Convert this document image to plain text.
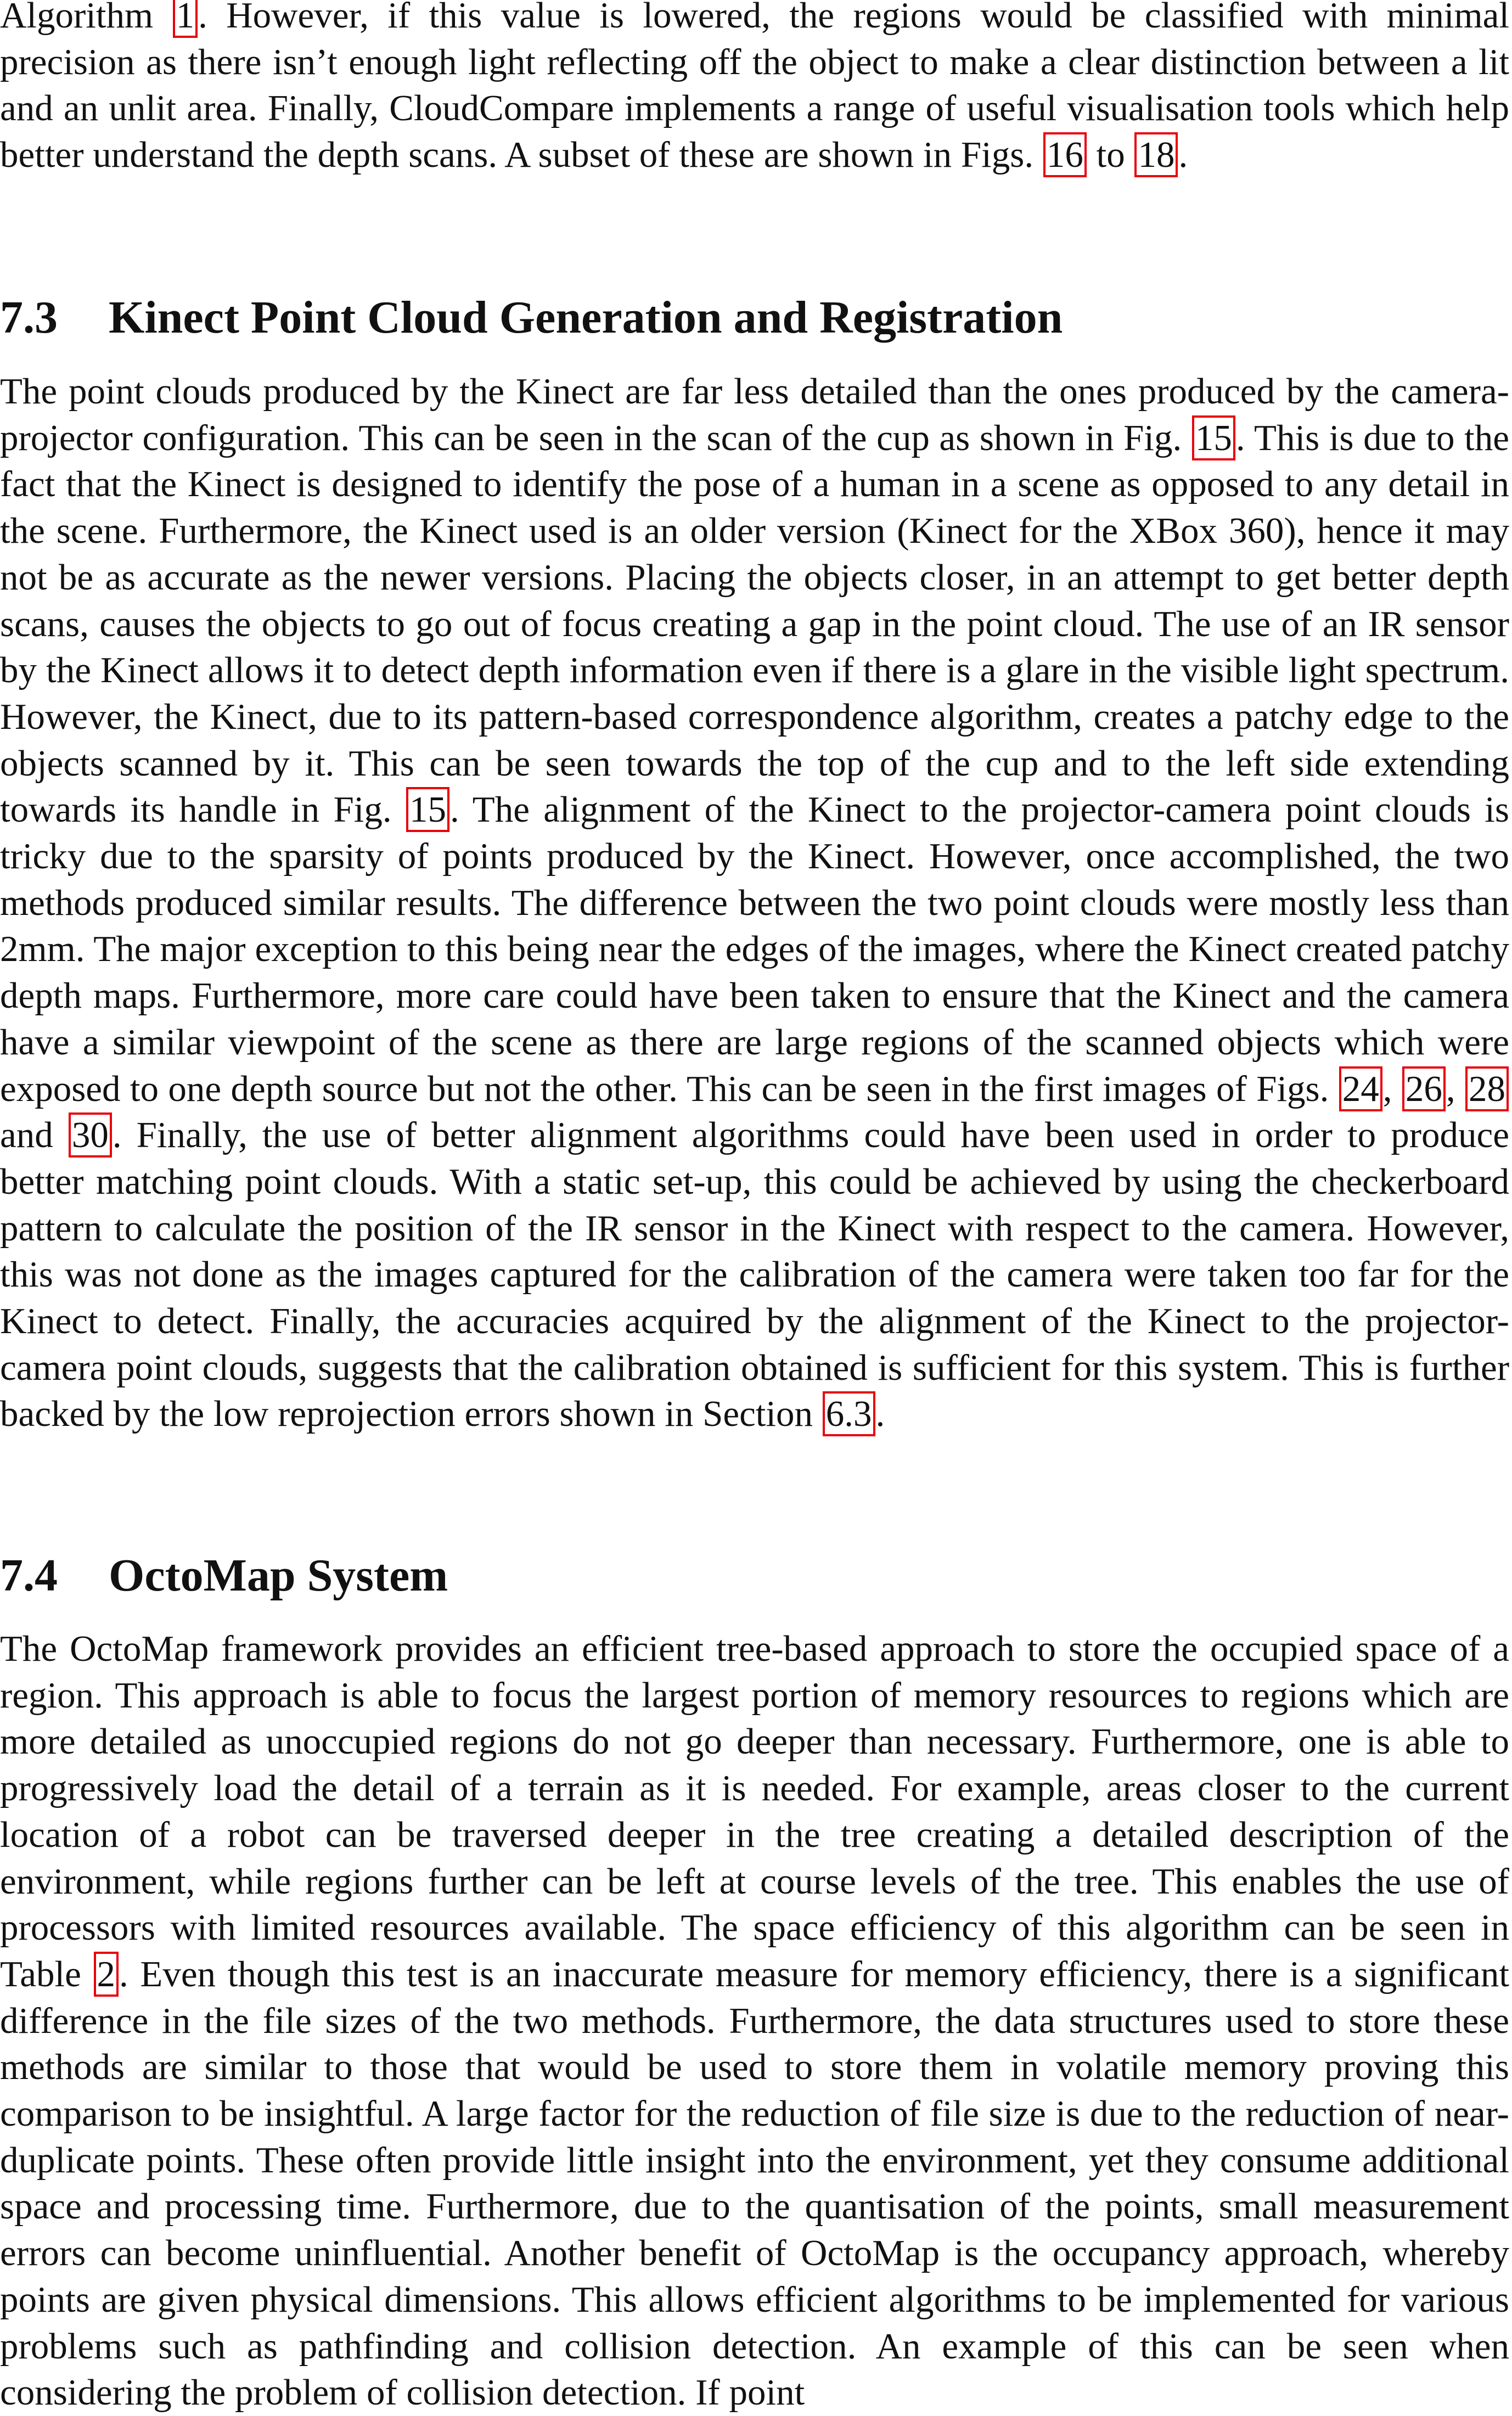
Algorithm 1 . However, if this value is lowered, the regions would be classified with minimal precision as there isn’t enough light reflecting off the object to make a clear distinction between a lit and an unlit area. Finally, CloudCompare implements a range of useful visualisation tools which help better understand the depth scans. A subset of these are shown in Figs. 16 to 18 .

7.3 Kinect Point Cloud Generation and Registration

The point clouds produced by the Kinect are far less detailed than the ones produced by the camera-projector configuration. This can be seen in the scan of the cup as shown in Fig. 15 . This is due to the fact that the Kinect is designed to identify the pose of a human in a scene as opposed to any detail in the scene. Furthermore, the Kinect used is an older version (Kinect for the XBox 360), hence it may not be as accurate as the newer versions. Placing the objects closer, in an attempt to get better depth scans, causes the objects to go out of focus creating a gap in the point cloud. The use of an IR sensor by the Kinect allows it to detect depth information even if there is a glare in the visible light spectrum. However, the Kinect, due to its pattern-based correspondence algorithm, creates a patchy edge to the objects scanned by it. This can be seen towards the top of the cup and to the left side extending towards its handle in Fig. 15 . The alignment of the Kinect to the projector-camera point clouds is tricky due to the sparsity of points produced by the Kinect. However, once accomplished, the two methods produced similar results. The difference between the two point clouds were mostly less than 2mm. The major exception to this being near the edges of the images, where the Kinect created patchy depth maps. Furthermore, more care could have been taken to ensure that the Kinect and the camera have a similar viewpoint of the scene as there are large regions of the scanned objects which were exposed to one depth source but not the other. This can be seen in the first images of Figs. 24 , 26 , 28 and 30 . Finally, the use of better alignment algorithms could have been used in order to produce better matching point clouds. With a static set-up, this could be achieved by using the checkerboard pattern to calculate the position of the IR sensor in the Kinect with respect to the camera. However, this was not done as the images captured for the calibration of the camera were taken too far for the Kinect to detect. Finally, the accuracies acquired by the alignment of the Kinect to the projector-camera point clouds, suggests that the calibration obtained is sufficient for this system. This is further backed by the low reprojection errors shown in Section 6.3 .

7.4 OctoMap System

The OctoMap framework provides an efficient tree-based approach to store the occupied space of a region. This approach is able to focus the largest portion of memory resources to regions which are more detailed as unoccupied regions do not go deeper than necessary. Furthermore, one is able to progressively load the detail of a terrain as it is needed. For example, areas closer to the current location of a robot can be traversed deeper in the tree creating a detailed description of the environment, while regions further can be left at course levels of the tree. This enables the use of processors with limited resources available. The space efficiency of this algorithm can be seen in Table 2 . Even though this test is an inaccurate measure for memory efficiency, there is a significant difference in the file sizes of the two methods. Furthermore, the data structures used to store these methods are similar to those that would be used to store them in volatile memory proving this comparison to be insightful. A large factor for the reduction of file size is due to the reduction of near-duplicate points. These often provide little insight into the environment, yet they consume additional space and processing time. Furthermore, due to the quantisation of the points, small measurement errors can become uninfluential. Another benefit of OctoMap is the occupancy approach, whereby points are given physical dimensions. This allows efficient algorithms to be implemented for various problems such as pathfinding and collision detection. An example of this can be seen when considering the problem of collision detection. If point
